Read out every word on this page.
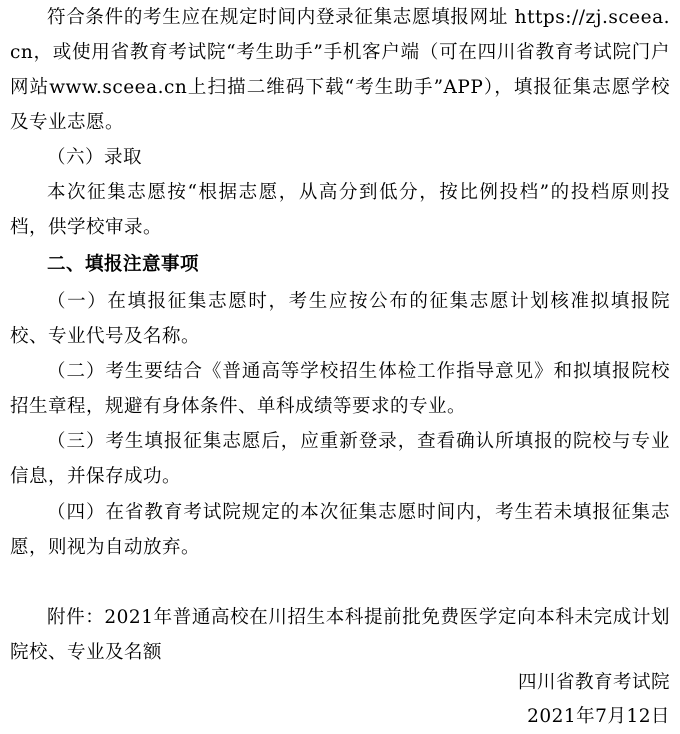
符合条件的考生应在规定时间内登录征集志愿填报网址 https://zj.sceea.cn，或使用省教育考试院“考生助手”手机客户端（可在四川省教育考试院门户网站www.sceea.cn上扫描二维码下载“考生助手”APP），填报征集志愿学校及专业志愿。

（六）录取

本次征集志愿按“根据志愿，从高分到低分，按比例投档”的投档原则投档，供学校审录。

二、填报注意事项

（一）在填报征集志愿时，考生应按公布的征集志愿计划核准拟填报院校、专业代号及名称。

（二）考生要结合《普通高等学校招生体检工作指导意见》和拟填报院校招生章程，规避有身体条件、单科成绩等要求的专业。

（三）考生填报征集志愿后，应重新登录，查看确认所填报的院校与专业信息，并保存成功。

（四）在省教育考试院规定的本次征集志愿时间内，考生若未填报征集志愿，则视为自动放弃。

附件：2021年普通高校在川招生本科提前批免费医学定向本科未完成计划院校、专业及名额

四川省教育考试院

2021年7月12日
